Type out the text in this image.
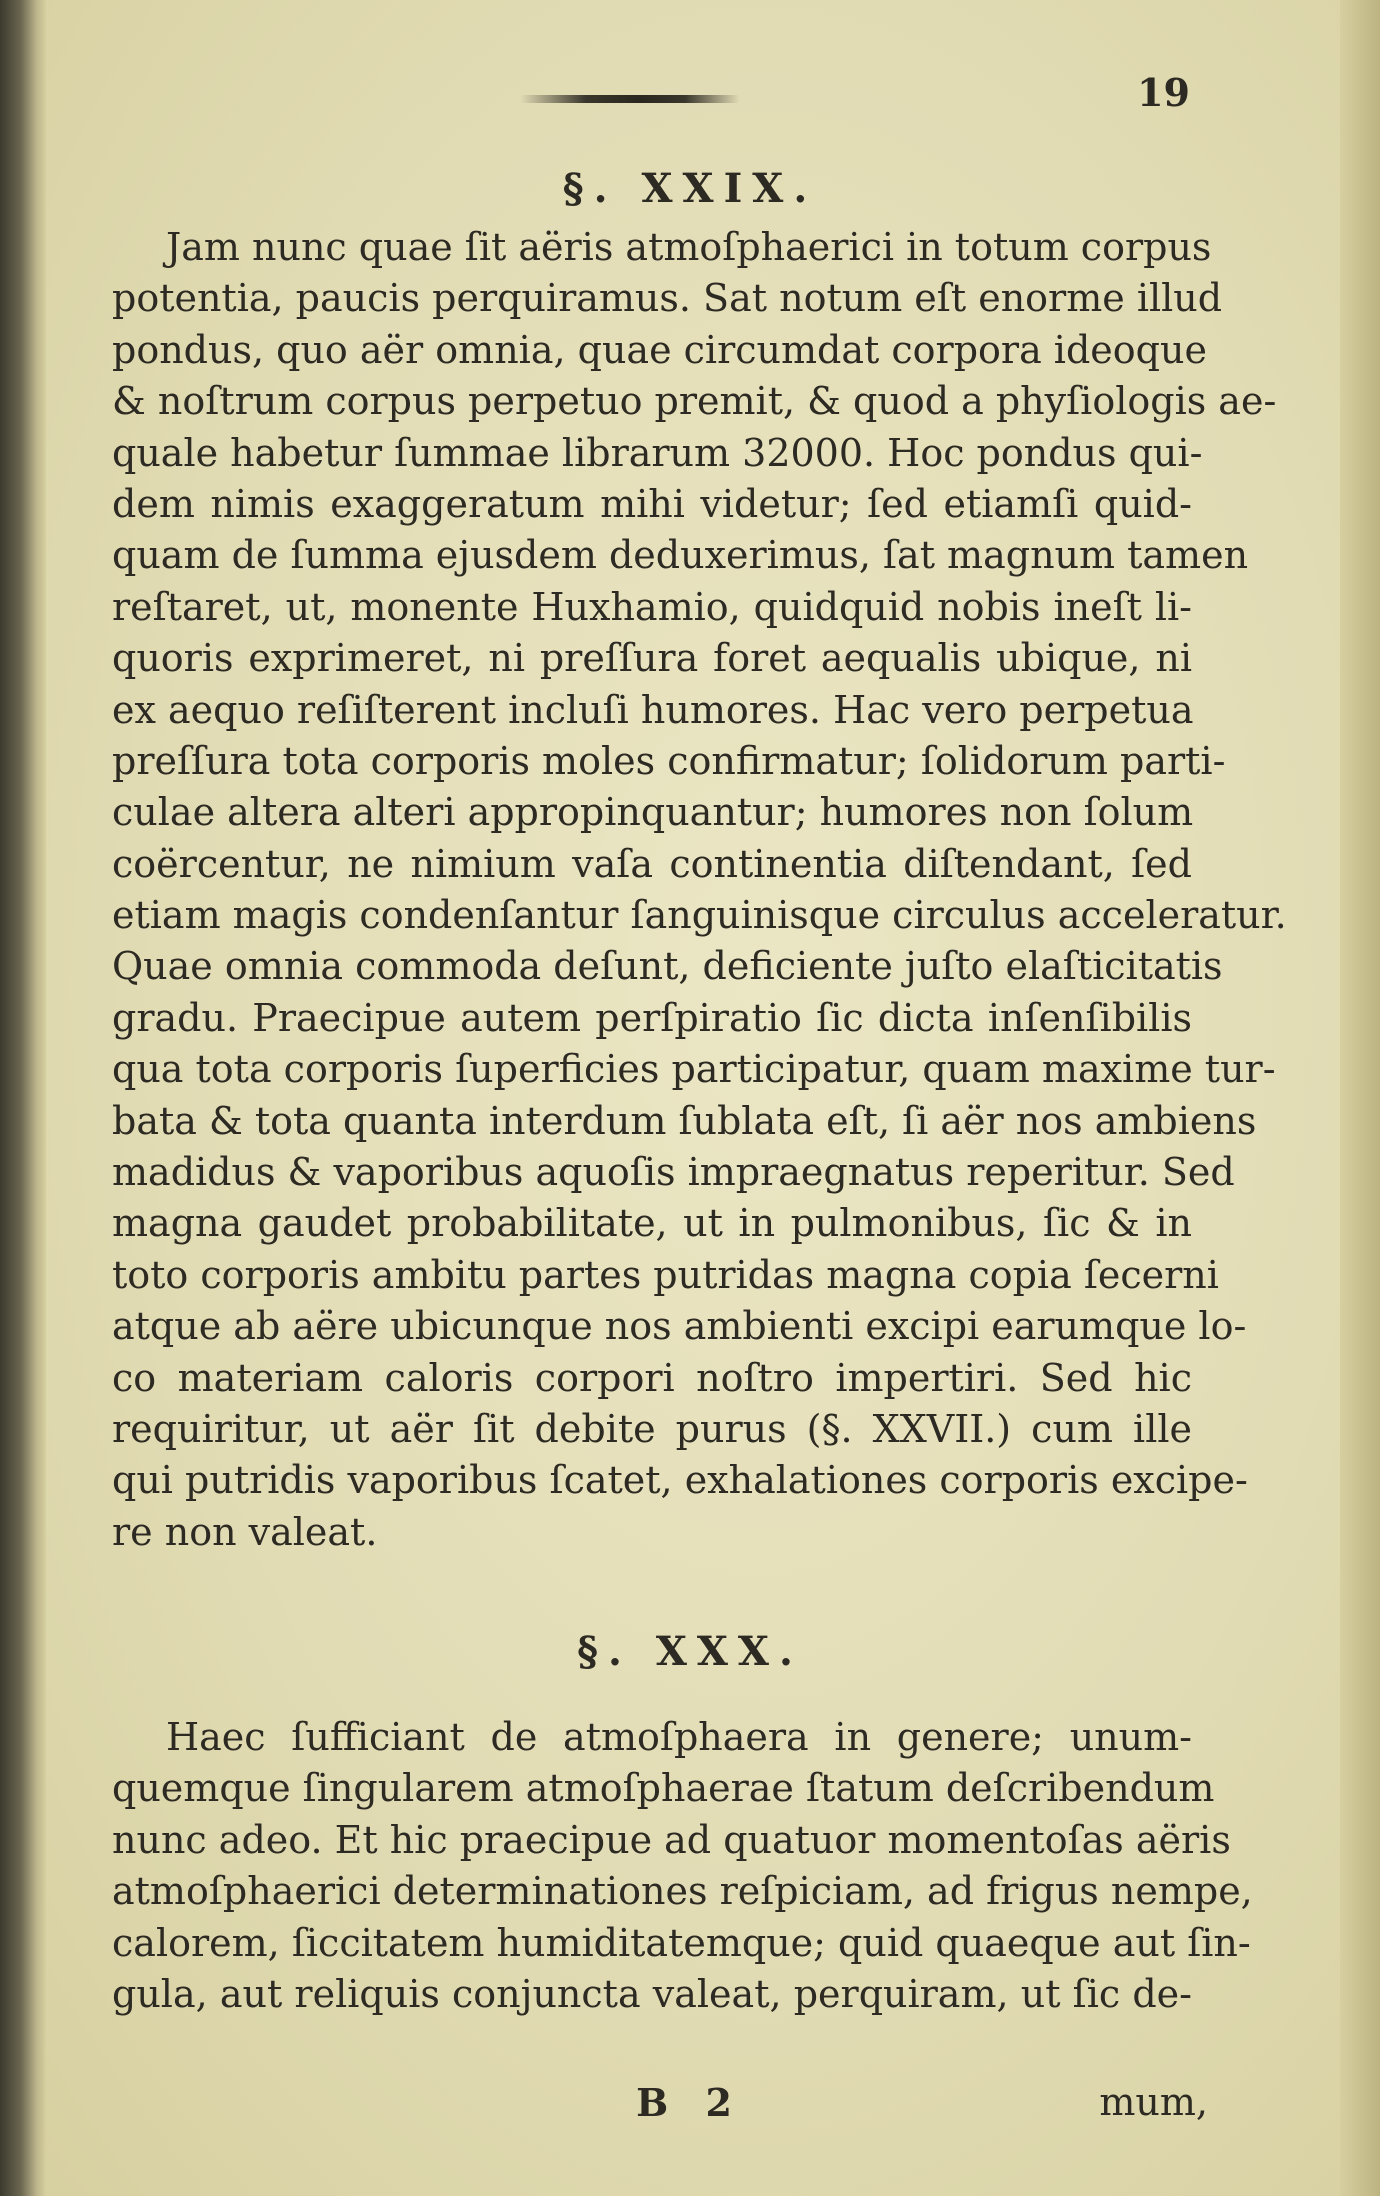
19
§. XXIX.
Jam nunc quae ſit aëris atmoſphaerici in totum corpus
potentia, paucis perquiramus. Sat notum eſt enorme illud
pondus, quo aër omnia, quae circumdat corpora ideoque
& noſtrum corpus perpetuo premit, & quod a phyſiologis ae-
quale habetur ſummae librarum 32000. Hoc pondus qui-
dem nimis exaggeratum mihi videtur; ſed etiamſi quid-
quam de ſumma ejusdem deduxerimus, ſat magnum tamen
reſtaret, ut, monente Huxhamio, quidquid nobis ineſt li-
quoris exprimeret, ni preſſura foret aequalis ubique, ni
ex aequo reſiſterent incluſi humores. Hac vero perpetua
preſſura tota corporis moles confirmatur; ſolidorum parti-
culae altera alteri appropinquantur; humores non ſolum
coërcentur, ne nimium vaſa continentia diſtendant, ſed
etiam magis condenſantur ſanguinisque circulus acceleratur.
Quae omnia commoda deſunt, deficiente juſto elaſticitatis
gradu. Praecipue autem perſpiratio ſic dicta inſenſibilis
qua tota corporis ſuperficies participatur, quam maxime tur-
bata & tota quanta interdum ſublata eſt, ſi aër nos ambiens
madidus & vaporibus aquoſis impraegnatus reperitur. Sed
magna gaudet probabilitate, ut in pulmonibus, ſic & in
toto corporis ambitu partes putridas magna copia ſecerni
atque ab aëre ubicunque nos ambienti excipi earumque lo-
co materiam caloris corpori noſtro impertiri. Sed hic
requiritur, ut aër ſit debite purus (§. XXVII.) cum ille
qui putridis vaporibus ſcatet, exhalationes corporis excipe-
re non valeat.
§. XXX.
Haec ſufficiant de atmoſphaera in genere; unum-
quemque ſingularem atmoſphaerae ſtatum deſcribendum
nunc adeo. Et hic praecipue ad quatuor momentoſas aëris
atmoſphaerici determinationes reſpiciam, ad frigus nempe,
calorem, ſiccitatem humiditatemque; quid quaeque aut ſin-
gula, aut reliquis conjuncta valeat, perquiram, ut ſic de-
B 2	mum,
